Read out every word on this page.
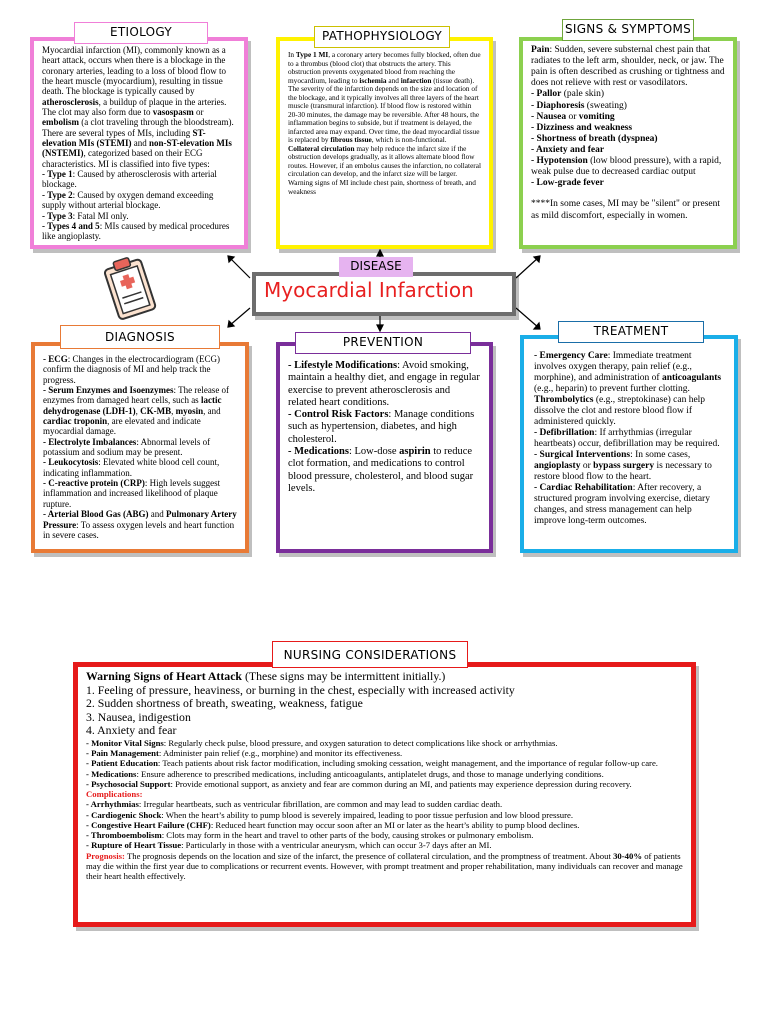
ETIOLOGY
Myocardial infarction (MI), commonly known as a heart attack, occurs when there is a blockage in the coronary arteries, leading to a loss of blood flow to the heart muscle (myocardium), resulting in tissue death. The blockage is typically caused by atherosclerosis, a buildup of plaque in the arteries. The clot may also form due to vasospasm or embolism (a clot traveling through the bloodstream). There are several types of MIs, including ST-elevation MIs (STEMI) and non-ST-elevation MIs (NSTEMI), categorized based on their ECG characteristics. MI is classified into five types:
- Type 1: Caused by atherosclerosis with arterial blockage.
- Type 2: Caused by oxygen demand exceeding supply without arterial blockage.
- Type 3: Fatal MI only.
- Types 4 and 5: MIs caused by medical procedures like angioplasty.
PATHOPHYSIOLOGY
In Type 1 MI, a coronary artery becomes fully blocked, often due to a thrombus (blood clot) that obstructs the artery. This obstruction prevents oxygenated blood from reaching the myocardium, leading to ischemia and infarction (tissue death). The severity of the infarction depends on the size and location of the blockage, and it typically involves all three layers of the heart muscle (transmural infarction). If blood flow is restored within 20-30 minutes, the damage may be reversible. After 48 hours, the inflammation begins to subside, but if treatment is delayed, the infarcted area may expand. Over time, the dead myocardial tissue is replaced by fibrous tissue, which is non-functional.
Collateral circulation may help reduce the infarct size if the obstruction develops gradually, as it allows alternate blood flow routes. However, if an embolus causes the infarction, no collateral circulation can develop, and the infarct size will be larger. Warning signs of MI include chest pain, shortness of breath, and weakness
SIGNS & SYMPTOMS
Pain: Sudden, severe substernal chest pain that radiates to the left arm, shoulder, neck, or jaw. The pain is often described as crushing or tightness and does not relieve with rest or vasodilators.
- Pallor (pale skin)
- Diaphoresis (sweating)
- Nausea or vomiting
- Dizziness and weakness
- Shortness of breath (dyspnea)
- Anxiety and fear
- Hypotension (low blood pressure), with a rapid, weak pulse due to decreased cardiac output
- Low-grade fever
****In some cases, MI may be "silent" or present as mild discomfort, especially in women.
DISEASE
Myocardial Infarction
DIAGNOSIS
- ECG: Changes in the electrocardiogram (ECG) confirm the diagnosis of MI and help track the progress.
- Serum Enzymes and Isoenzymes: The release of enzymes from damaged heart cells, such as lactic dehydrogenase (LDH-1), CK-MB, myosin, and cardiac troponin, are elevated and indicate myocardial damage.
- Electrolyte Imbalances: Abnormal levels of potassium and sodium may be present.
- Leukocytosis: Elevated white blood cell count, indicating inflammation.
- C-reactive protein (CRP): High levels suggest inflammation and increased likelihood of plaque rupture.
- Arterial Blood Gas (ABG) and Pulmonary Artery Pressure: To assess oxygen levels and heart function in severe cases.
PREVENTION
- Lifestyle Modifications: Avoid smoking, maintain a healthy diet, and engage in regular exercise to prevent atherosclerosis and related heart conditions.
- Control Risk Factors: Manage conditions such as hypertension, diabetes, and high cholesterol.
- Medications: Low-dose aspirin to reduce clot formation, and medications to control blood pressure, cholesterol, and blood sugar levels.
TREATMENT
- Emergency Care: Immediate treatment involves oxygen therapy, pain relief (e.g., morphine), and administration of anticoagulants (e.g., heparin) to prevent further clotting. Thrombolytics (e.g., streptokinase) can help dissolve the clot and restore blood flow if administered quickly.
- Defibrillation: If arrhythmias (irregular heartbeats) occur, defibrillation may be required.
- Surgical Interventions: In some cases, angioplasty or bypass surgery is necessary to restore blood flow to the heart.
- Cardiac Rehabilitation: After recovery, a structured program involving exercise, dietary changes, and stress management can help improve long-term outcomes.
NURSING CONSIDERATIONS
Warning Signs of Heart Attack (These signs may be intermittent initially.)
1. Feeling of pressure, heaviness, or burning in the chest, especially with increased activity
2. Sudden shortness of breath, sweating, weakness, fatigue
3. Nausea, indigestion
4. Anxiety and fear
- Monitor Vital Signs: Regularly check pulse, blood pressure, and oxygen saturation to detect complications like shock or arrhythmias.
- Pain Management: Administer pain relief (e.g., morphine) and monitor its effectiveness.
- Patient Education: Teach patients about risk factor modification, including smoking cessation, weight management, and the importance of regular follow-up care.
- Medications: Ensure adherence to prescribed medications, including anticoagulants, antiplatelet drugs, and those to manage underlying conditions.
- Psychosocial Support: Provide emotional support, as anxiety and fear are common during an MI, and patients may experience depression during recovery.
Complications:
- Arrhythmias: Irregular heartbeats, such as ventricular fibrillation, are common and may lead to sudden cardiac death.
- Cardiogenic Shock: When the heart’s ability to pump blood is severely impaired, leading to poor tissue perfusion and low blood pressure.
- Congestive Heart Failure (CHF): Reduced heart function may occur soon after an MI or later as the heart’s ability to pump blood declines.
- Thromboembolism: Clots may form in the heart and travel to other parts of the body, causing strokes or pulmonary embolism.
- Rupture of Heart Tissue: Particularly in those with a ventricular aneurysm, which can occur 3-7 days after an MI.
Prognosis: The prognosis depends on the location and size of the infarct, the presence of collateral circulation, and the promptness of treatment. About 30-40% of patients may die within the first year due to complications or recurrent events. However, with prompt treatment and proper rehabilitation, many individuals can recover and manage their heart health effectively.
